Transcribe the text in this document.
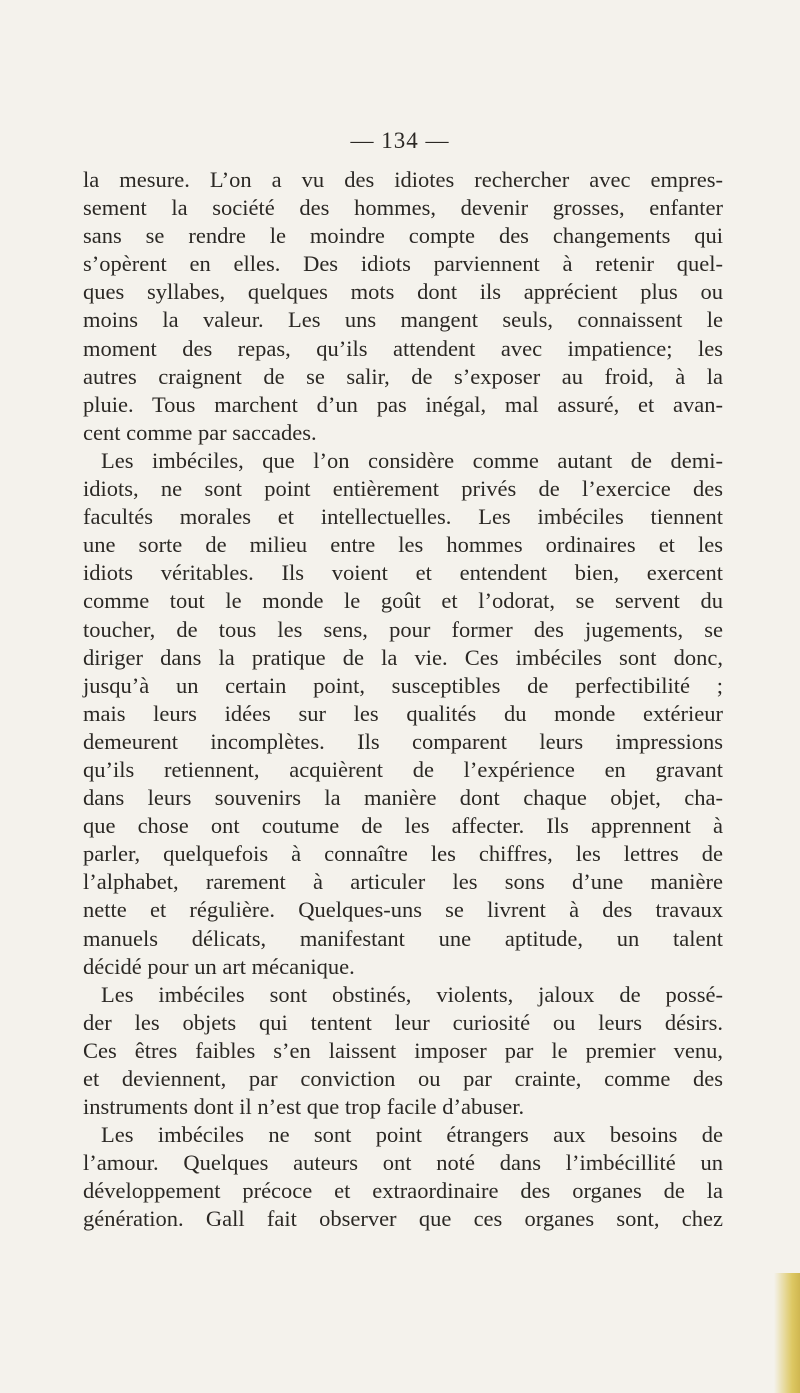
— 134 —
la mesure. L’on a vu des idiotes rechercher avec empres-
sement la société des hommes, devenir grosses, enfanter
sans se rendre le moindre compte des changements qui
s’opèrent en elles. Des idiots parviennent à retenir quel-
ques syllabes, quelques mots dont ils apprécient plus ou
moins la valeur. Les uns mangent seuls, connaissent le
moment des repas, qu’ils attendent avec impatience; les
autres craignent de se salir, de s’exposer au froid, à la
pluie. Tous marchent d’un pas inégal, mal assuré, et avan-
cent comme par saccades.
Les imbéciles, que l’on considère comme autant de demi-
idiots, ne sont point entièrement privés de l’exercice des
facultés morales et intellectuelles. Les imbéciles tiennent
une sorte de milieu entre les hommes ordinaires et les
idiots véritables. Ils voient et entendent bien, exercent
comme tout le monde le goût et l’odorat, se servent du
toucher, de tous les sens, pour former des jugements, se
diriger dans la pratique de la vie. Ces imbéciles sont donc,
jusqu’à un certain point, susceptibles de perfectibilité ;
mais leurs idées sur les qualités du monde extérieur
demeurent incomplètes. Ils comparent leurs impressions
qu’ils retiennent, acquièrent de l’expérience en gravant
dans leurs souvenirs la manière dont chaque objet, cha-
que chose ont coutume de les affecter. Ils apprennent à
parler, quelquefois à connaître les chiffres, les lettres de
l’alphabet, rarement à articuler les sons d’une manière
nette et régulière. Quelques-uns se livrent à des travaux
manuels délicats, manifestant une aptitude, un talent
décidé pour un art mécanique.
Les imbéciles sont obstinés, violents, jaloux de possé-
der les objets qui tentent leur curiosité ou leurs désirs.
Ces êtres faibles s’en laissent imposer par le premier venu,
et deviennent, par conviction ou par crainte, comme des
instruments dont il n’est que trop facile d’abuser.
Les imbéciles ne sont point étrangers aux besoins de
l’amour. Quelques auteurs ont noté dans l’imbécillité un
développement précoce et extraordinaire des organes de la
génération. Gall fait observer que ces organes sont, chez
